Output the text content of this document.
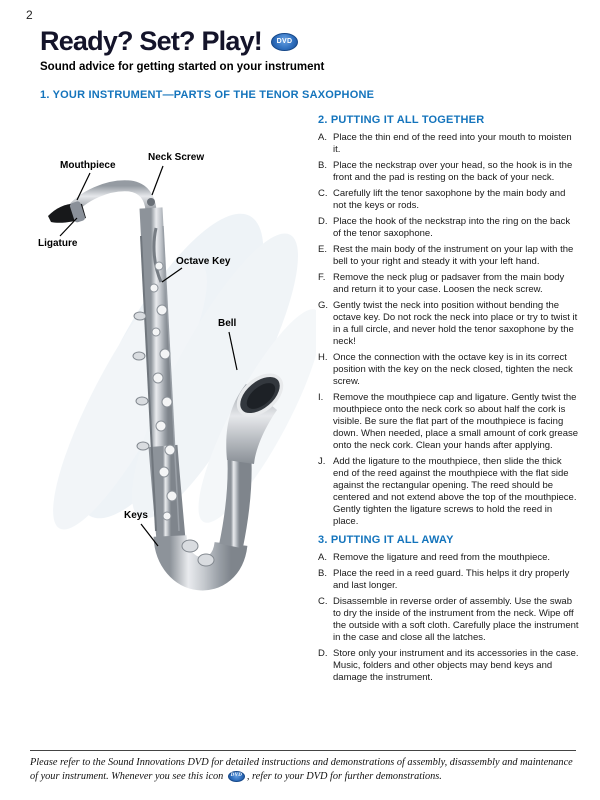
2
Ready? Set? Play! DVD
Sound advice for getting started on your instrument
1. YOUR INSTRUMENT—PARTS OF THE TENOR SAXOPHONE
Mouthpiece
Neck Screw
Ligature
Octave Key
Bell
Keys
2. PUTTING IT ALL TOGETHER
A. Place the thin end of the reed into your mouth to moisten it.
B. Place the neckstrap over your head, so the hook is in the front and the pad is resting on the back of your neck.
C. Carefully lift the tenor saxophone by the main body and not the keys or rods.
D. Place the hook of the neckstrap into the ring on the back of the tenor saxophone.
E. Rest the main body of the instrument on your lap with the bell to your right and steady it with your left hand.
F. Remove the neck plug or padsaver from the main body and return it to your case. Loosen the neck screw.
G. Gently twist the neck into position without bending the octave key. Do not rock the neck into place or try to twist it in a full circle, and never hold the tenor saxophone by the neck!
H. Once the connection with the octave key is in its correct position with the key on the neck closed, tighten the neck screw.
I.	Remove the mouthpiece cap and ligature. Gently twist the mouthpiece onto the neck cork so about half the cork is visible. Be sure the flat part of the mouthpiece is facing down. When needed, place a small amount of cork grease onto the neck cork. Clean your hands after applying.
J. Add the ligature to the mouthpiece, then slide the thick end of the reed against the mouthpiece with the flat side against the rectangular opening. The reed should be centered and not extend above the top of the mouthpiece. Gently tighten the ligature screws to hold the reed in place.
3. PUTTING IT ALL AWAY
A. Remove the ligature and reed from the mouthpiece.
B. Place the reed in a reed guard. This helps it dry properly and last longer.
C. Disassemble in reverse order of assembly. Use the swab to dry the inside of the instrument from the neck. Wipe off the outside with a soft cloth. Carefully place the instrument in the case and close all the latches.
D. Store only your instrument and its accessories in the case. Music, folders and other objects may bend keys and damage the instrument.
Please refer to the Sound Innovations DVD for detailed instructions and demonstrations of assembly, disassembly and maintenance of your instrument. Whenever you see this icon DVD , refer to your DVD for further demonstrations.
